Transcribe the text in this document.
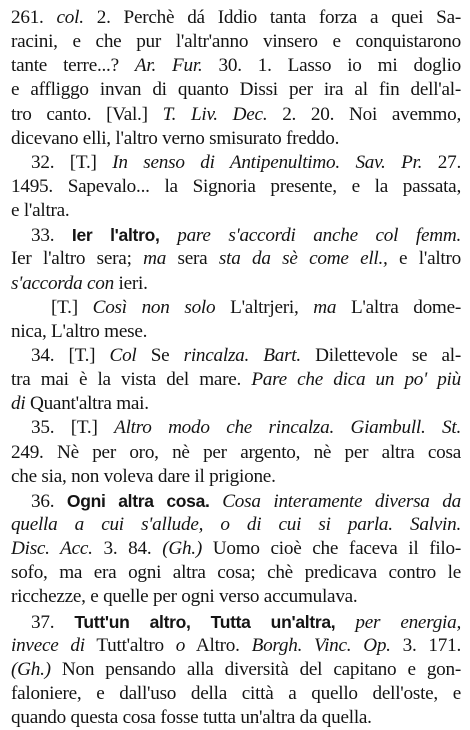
261. col. 2. Perchè dá Iddio tanta forza a quei Sa-
racini, e che pur l'altr'anno vinsero e conquistarono
tante terre...? Ar. Fur. 30. 1. Lasso io mi doglio
e affliggo invan di quanto Dissi per ira al fin dell'al-
tro canto. [Val.] T. Liv. Dec. 2. 20. Noi avemmo,
dicevano elli, l'altro verno smisurato freddo.
32. [T.] In senso di Antipenultimo. Sav. Pr. 27.
1495. Sapevalo... la Signoria presente, e la passata,
e l'altra.
33. Ier l'altro, pare s'accordi anche col femm.
Ier l'altro sera; ma sera sta da sè come ell., e l'altro
s'accorda con ieri.
[T.] Così non solo L'altrjeri, ma L'altra dome-
nica, L'altro mese.
34. [T.] Col Se rincalza. Bart. Dilettevole se al-
tra mai è la vista del mare. Pare che dica un po' più
di Quant'altra mai.
35. [T.] Altro modo che rincalza. Giambull. St.
249. Nè per oro, nè per argento, nè per altra cosa
che sia, non voleva dare il prigione.
36. Ogni altra cosa. Cosa interamente diversa da
quella a cui s'allude, o di cui si parla. Salvin.
Disc. Acc. 3. 84. (Gh.) Uomo cioè che faceva il filo-
sofo, ma era ogni altra cosa; chè predicava contro le
ricchezze, e quelle per ogni verso accumulava.
37. Tutt'un altro, Tutta un'altra, per energia,
invece di Tutt'altro o Altro. Borgh. Vinc. Op. 3. 171.
(Gh.) Non pensando alla diversità del capitano e gon-
faloniere, e dall'uso della città a quello dell'oste, e
quando questa cosa fosse tutta un'altra da quella.
